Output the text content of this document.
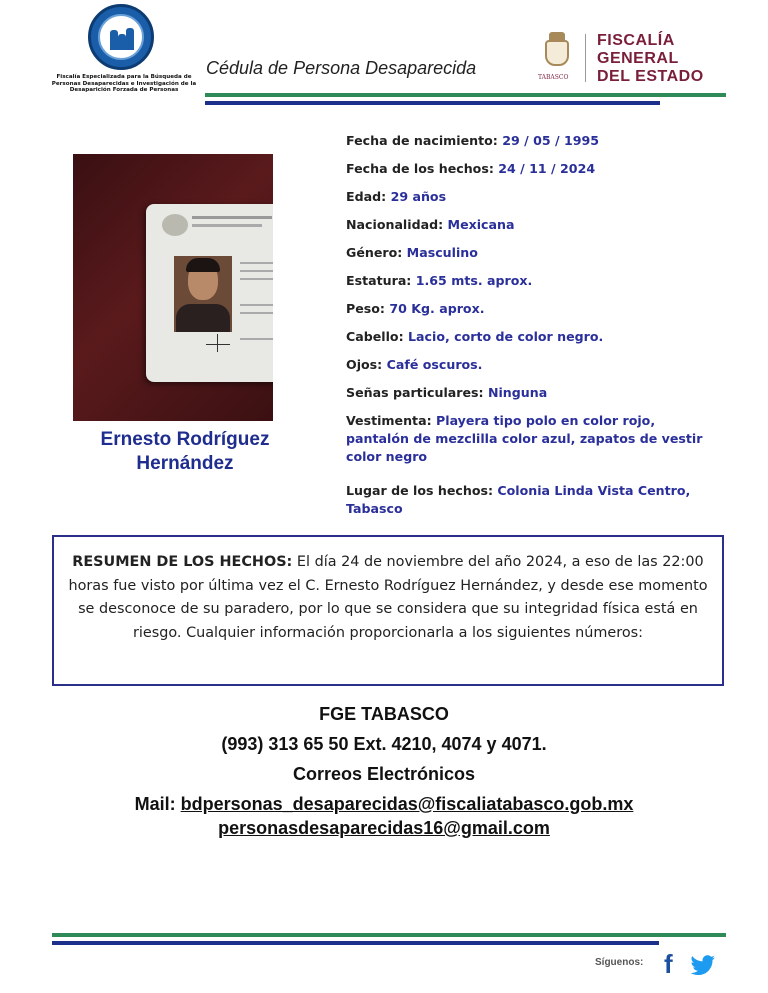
Fiscalía Especializada para la Búsqueda de Personas Desaparecidas e Investigación de la Desaparición Forzada de Personas
Cédula de Persona Desaparecida	TABASCO
FISCALÍA
GENERAL
DEL ESTADO
Ernesto Rodríguez
Hernández
Fecha de nacimiento: 29 / 05 / 1995
Fecha de los hechos: 24 / 11 / 2024
Edad: 29 años
Nacionalidad: Mexicana
Género: Masculino
Estatura: 1.65 mts. aprox.
Peso: 70 Kg. aprox.
Cabello: Lacio, corto de color negro.
Ojos: Café oscuros.
Señas particulares: Ninguna
Vestimenta: Playera tipo polo en color rojo, pantalón de mezclilla color azul, zapatos de vestir color negro
Lugar de los hechos: Colonia Linda Vista Centro, Tabasco
RESUMEN DE LOS HECHOS: El día 24 de noviembre del año 2024, a eso de las 22:00 horas fue visto por última vez el C. Ernesto Rodríguez Hernández, y desde ese momento se desconoce de su paradero, por lo que se considera que su integridad física está en riesgo. Cualquier información proporcionarla a los siguientes números:
FGE TABASCO
(993) 313 65 50 Ext. 4210, 4074 y 4071.
Correos Electrónicos
Mail: bdpersonas_desaparecidas@fiscaliatabasco.gob.mx
personasdesaparecidas16@gmail.com
Síguenos: f
